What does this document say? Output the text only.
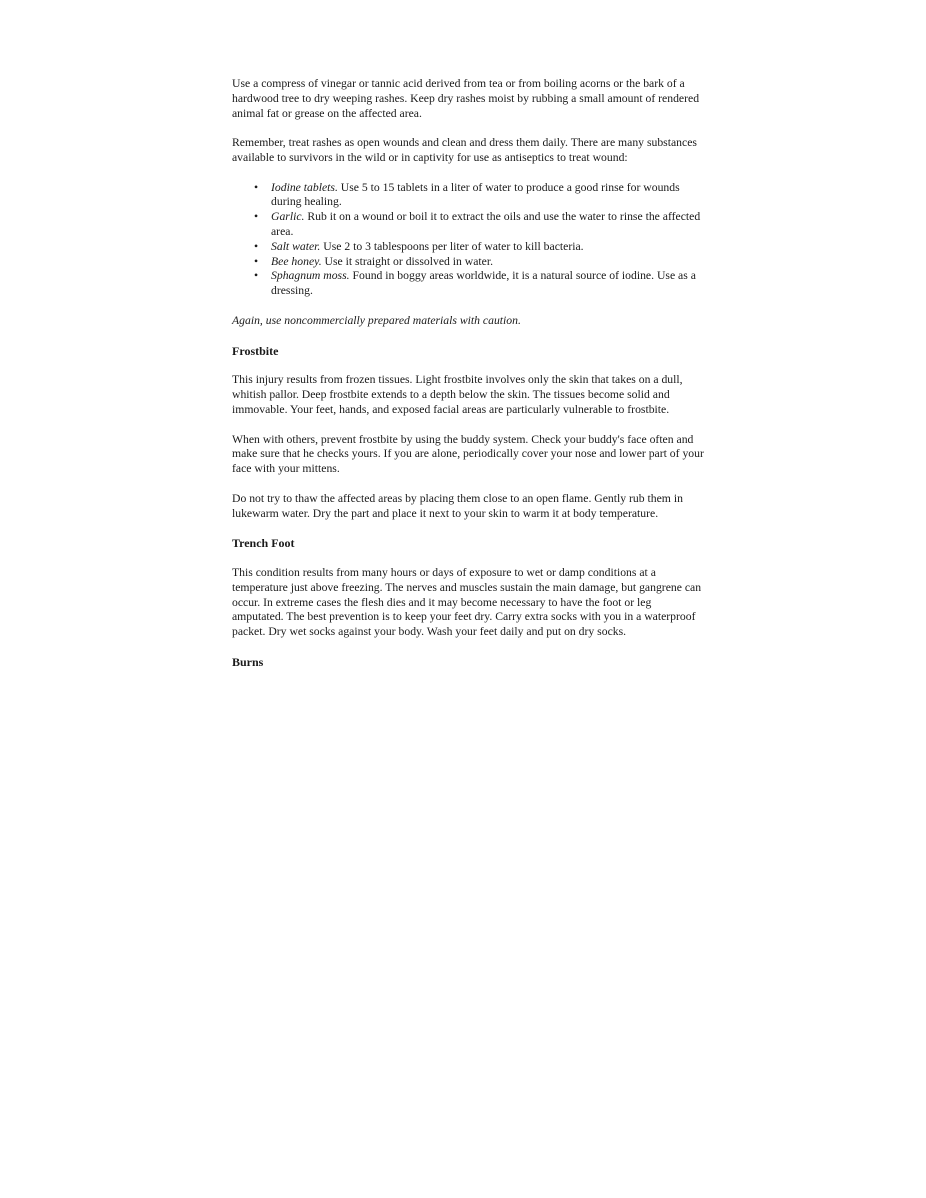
Use a compress of vinegar or tannic acid derived from tea or from boiling acorns or the bark of a hardwood tree to dry weeping rashes. Keep dry rashes moist by rubbing a small amount of rendered animal fat or grease on the affected area.

Remember, treat rashes as open wounds and clean and dress them daily. There are many substances available to survivors in the wild or in captivity for use as antiseptics to treat wound:

• Iodine tablets. Use 5 to 15 tablets in a liter of water to produce a good rinse for wounds during healing.
• Garlic. Rub it on a wound or boil it to extract the oils and use the water to rinse the affected area.
• Salt water. Use 2 to 3 tablespoons per liter of water to kill bacteria.
• Bee honey. Use it straight or dissolved in water.
• Sphagnum moss. Found in boggy areas worldwide, it is a natural source of iodine. Use as a dressing.

Again, use noncommercially prepared materials with caution.

Frostbite

This injury results from frozen tissues. Light frostbite involves only the skin that takes on a dull, whitish pallor. Deep frostbite extends to a depth below the skin. The tissues become solid and immovable. Your feet, hands, and exposed facial areas are particularly vulnerable to frostbite.

When with others, prevent frostbite by using the buddy system. Check your buddy's face often and make sure that he checks yours. If you are alone, periodically cover your nose and lower part of your face with your mittens.

Do not try to thaw the affected areas by placing them close to an open flame. Gently rub them in lukewarm water. Dry the part and place it next to your skin to warm it at body temperature.

Trench Foot

This condition results from many hours or days of exposure to wet or damp conditions at a temperature just above freezing. The nerves and muscles sustain the main damage, but gangrene can occur. In extreme cases the flesh dies and it may become necessary to have the foot or leg amputated. The best prevention is to keep your feet dry. Carry extra socks with you in a waterproof packet. Dry wet socks against your body. Wash your feet daily and put on dry socks.

Burns
